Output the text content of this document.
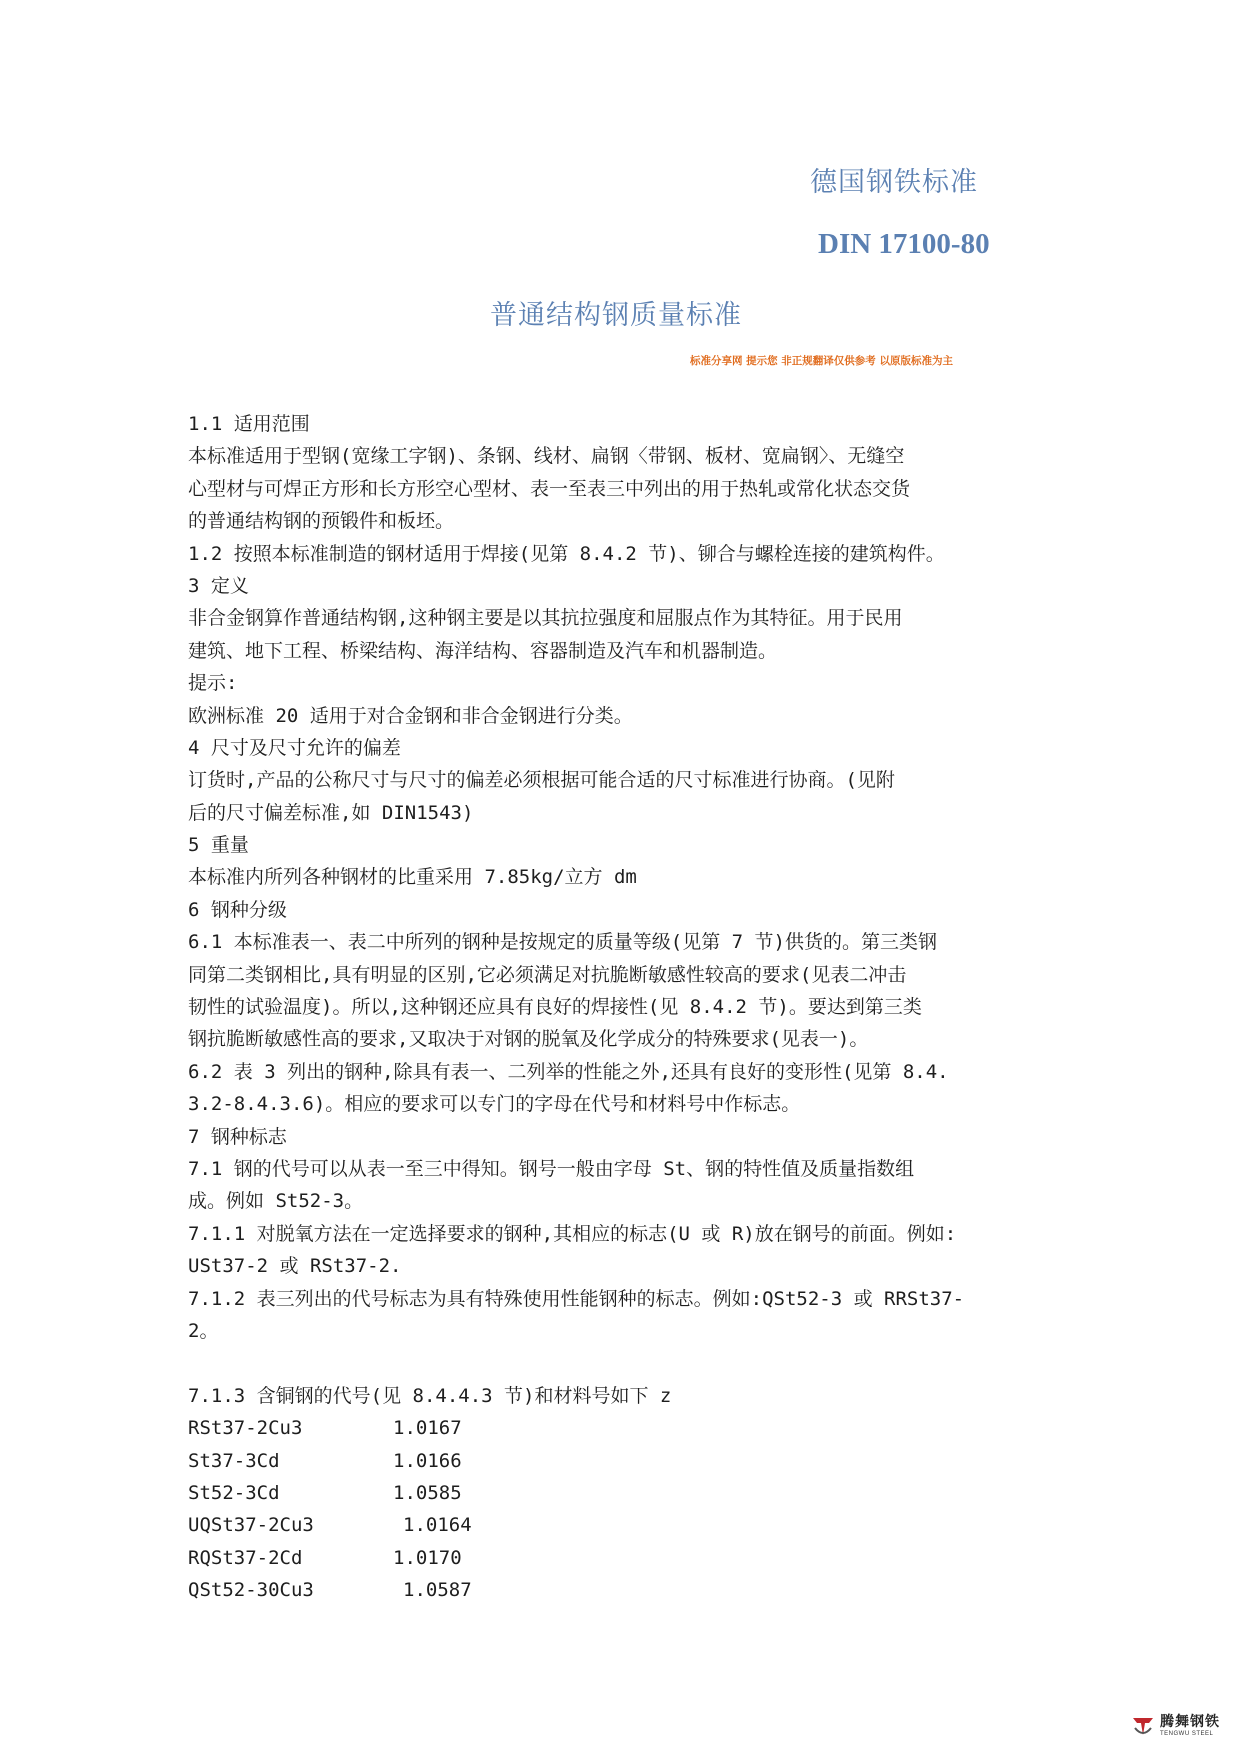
德国钢铁标准
DIN 17100-80
普通结构钢质量标准
标准分享网 提示您 非正规翻译仅供参考 以原版标准为主
1.1 适用范围
本标准适用于型钢(宽缘工字钢)、条钢、线材、扁钢〈带钢、板材、宽扁钢〉、无缝空
心型材与可焊正方形和长方形空心型材、表一至表三中列出的用于热轧或常化状态交货
的普通结构钢的预锻件和板坯。
1.2 按照本标准制造的钢材适用于焊接(见第 8.4.2 节)、铆合与螺栓连接的建筑构件。
3 定义
非合金钢算作普通结构钢,这种钢主要是以其抗拉强度和屈服点作为其特征。用于民用
建筑、地下工程、桥梁结构、海洋结构、容器制造及汽车和机器制造。
提示:
欧洲标准 20 适用于对合金钢和非合金钢进行分类。
4 尺寸及尺寸允许的偏差
订货时,产品的公称尺寸与尺寸的偏差必须根据可能合适的尺寸标准进行协商。(见附
后的尺寸偏差标准,如 DIN1543)
5 重量
本标准内所列各种钢材的比重采用 7.85kg/立方 dm
6 钢种分级
6.1 本标准表一、表二中所列的钢种是按规定的质量等级(见第 7 节)供货的。第三类钢
同第二类钢相比,具有明显的区别,它必须满足对抗脆断敏感性较高的要求(见表二冲击
韧性的试验温度)。所以,这种钢还应具有良好的焊接性(见 8.4.2 节)。要达到第三类
钢抗脆断敏感性高的要求,又取决于对钢的脱氧及化学成分的特殊要求(见表一)。
6.2 表 3 列出的钢种,除具有表一、二列举的性能之外,还具有良好的变形性(见第 8.4.
3.2-8.4.3.6)。相应的要求可以专门的字母在代号和材料号中作标志。
7 钢种标志
7.1 钢的代号可以从表一至三中得知。钢号一般由字母 St、钢的特性值及质量指数组
成。例如 St52-3。
7.1.1 对脱氧方法在一定选择要求的钢种,其相应的标志(U 或 R)放在钢号的前面。例如:
USt37-2 或 RSt37-2.
7.1.2 表三列出的代号标志为具有特殊使用性能钢种的标志。例如:QSt52-3 或 RRSt37-
2。
7.1.3 含铜钢的代号(见 8.4.4.3 节)和材料号如下 z
RSt37-2Cu3	1.0167
St37-3Cd	1.0166
St52-3Cd	1.0585
UQSt37-2Cu3	1.0164
RQSt37-2Cd	1.0170
QSt52-30Cu3	1.0587
腾舞钢铁
TENGWU STEEL
